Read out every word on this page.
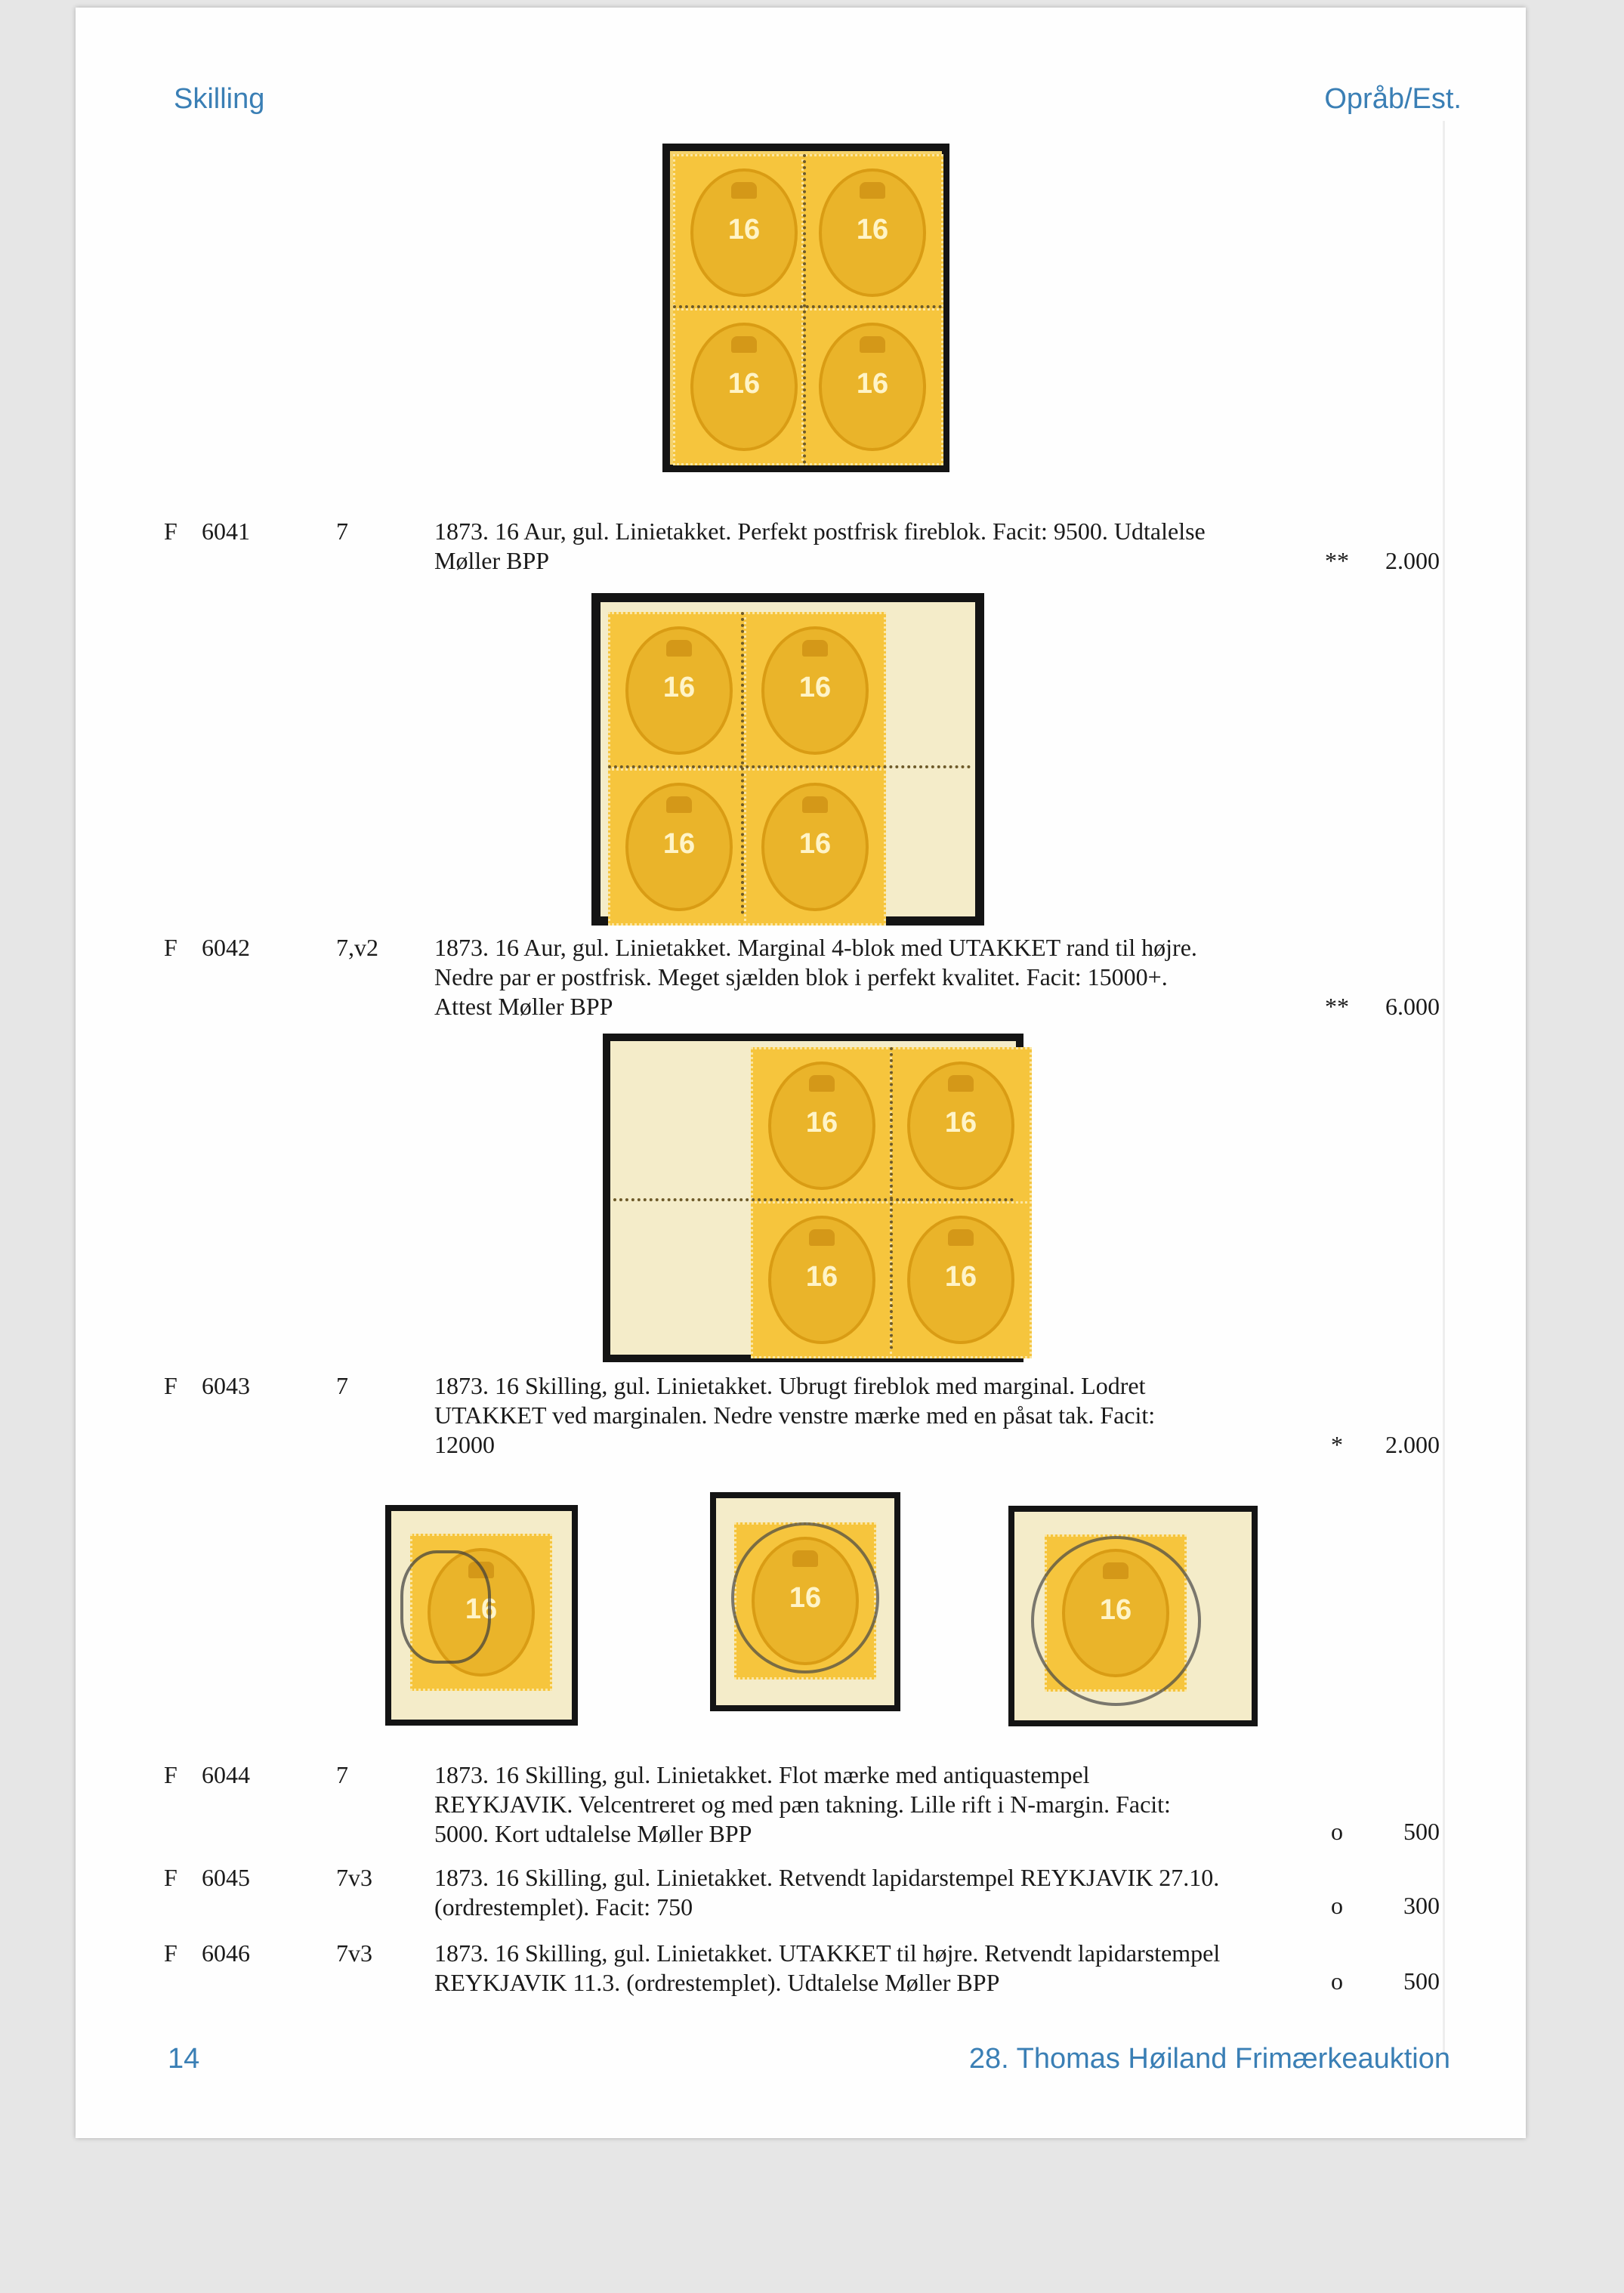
Skilling	Opråb/Est.
16	16
16	16
16	16
16	16
16	16
16	16
16	16	16
F 6041	7	1873. 16 Aur, gul. Linietakket. Perfekt postfrisk fireblok. Facit: 9500. Udtalelse
Møller BPP	**	2.000
F 6042	7,v2 1873. 16 Aur, gul. Linietakket. Marginal 4-blok med UTAKKET rand til højre.
Nedre par er postfrisk. Meget sjælden blok i perfekt kvalitet. Facit: 15000+.
Attest Møller BPP	**	6.000
F 6043	7	1873. 16 Skilling, gul. Linietakket. Ubrugt fireblok med marginal. Lodret
UTAKKET ved marginalen. Nedre venstre mærke med en påsat tak. Facit:
12000	*	2.000
F 6044	7	1873. 16 Skilling, gul. Linietakket. Flot mærke med antiquastempel
REYKJAVIK. Velcentreret og med pæn takning. Lille rift i N-margin. Facit:
5000. Kort udtalelse Møller BPP	o	500
F 6045	7v3	1873. 16 Skilling, gul. Linietakket. Retvendt lapidarstempel REYKJAVIK 27.10.
(ordrestemplet). Facit: 750	o	300
F 6046	7v3	1873. 16 Skilling, gul. Linietakket. UTAKKET til højre. Retvendt lapidarstempel
REYKJAVIK 11.3. (ordrestemplet). Udtalelse Møller BPP	o	500
14	28. Thomas Høiland Frimærkeauktion
